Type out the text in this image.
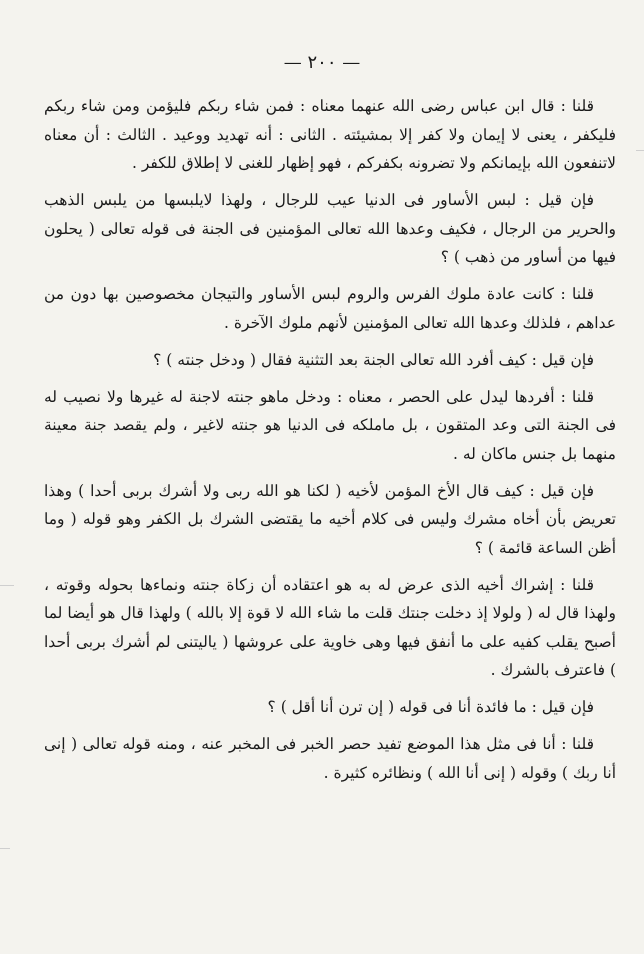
— ٢٠٠ —

قلنا : قال ابن عباس رضى الله عنهما معناه : فمن شاء ربكم فليؤمن ومن شاء ربكم فليكفر ، يعنى لا إيمان ولا كفر إلا بمشيئته . الثانى : أنه تهديد ووعيد . الثالث : أن معناه لاتنفعون الله بإيمانكم ولا تضرونه بكفركم ، فهو إظهار للغنى لا إطلاق للكفر .

فإن قيل : لبس الأساور فى الدنيا عيب للرجال ، ولهذا لايلبسها من يلبس الذهب والحرير من الرجال ، فكيف وعدها الله تعالى المؤمنين فى الجنة فى قوله تعالى ( يحلون فيها من أساور من ذهب ) ؟

قلنا : كانت عادة ملوك الفرس والروم لبس الأساور والتيجان مخصوصين بها دون من عداهم ، فلذلك وعدها الله تعالى المؤمنين لأنهم ملوك الآخرة .

فإن قيل : كيف أفرد الله تعالى الجنة بعد التثنية فقال ( ودخل جنته ) ؟

قلنا : أفردها ليدل على الحصر ، معناه : ودخل ماهو جنته لاجنة له غيرها ولا نصيب له فى الجنة التى وعد المتقون ، بل ماملكه فى الدنيا هو جنته لاغير ، ولم يقصد جنة معينة منهما بل جنس ماكان له .

فإن قيل : كيف قال الأخ المؤمن لأخيه ( لكنا هو الله ربى ولا أشرك بربى أحدا ) وهذا تعريض بأن أخاه مشرك وليس فى كلام أخيه ما يقتضى الشرك بل الكفر وهو قوله ( وما أظن الساعة قائمة ) ؟

قلنا : إشراك أخيه الذى عرض له به هو اعتقاده أن زكاة جنته ونماءها بحوله وقوته ، ولهذا قال له ( ولولا إذ دخلت جنتك قلت ما شاء الله لا قوة إلا بالله ) ولهذا قال هو أيضا لما أصبح يقلب كفيه على ما أنفق فيها وهى خاوية على عروشها ( ياليتنى لم أشرك بربى أحدا ) فاعترف بالشرك .

فإن قيل : ما فائدة أنا فى قوله ( إن ترن أنا أقل ) ؟

قلنا : أنا فى مثل هذا الموضع تفيد حصر الخبر فى المخبر عنه ، ومنه قوله تعالى ( إنى أنا ربك ) وقوله ( إنى أنا الله ) ونظائره كثيرة .
